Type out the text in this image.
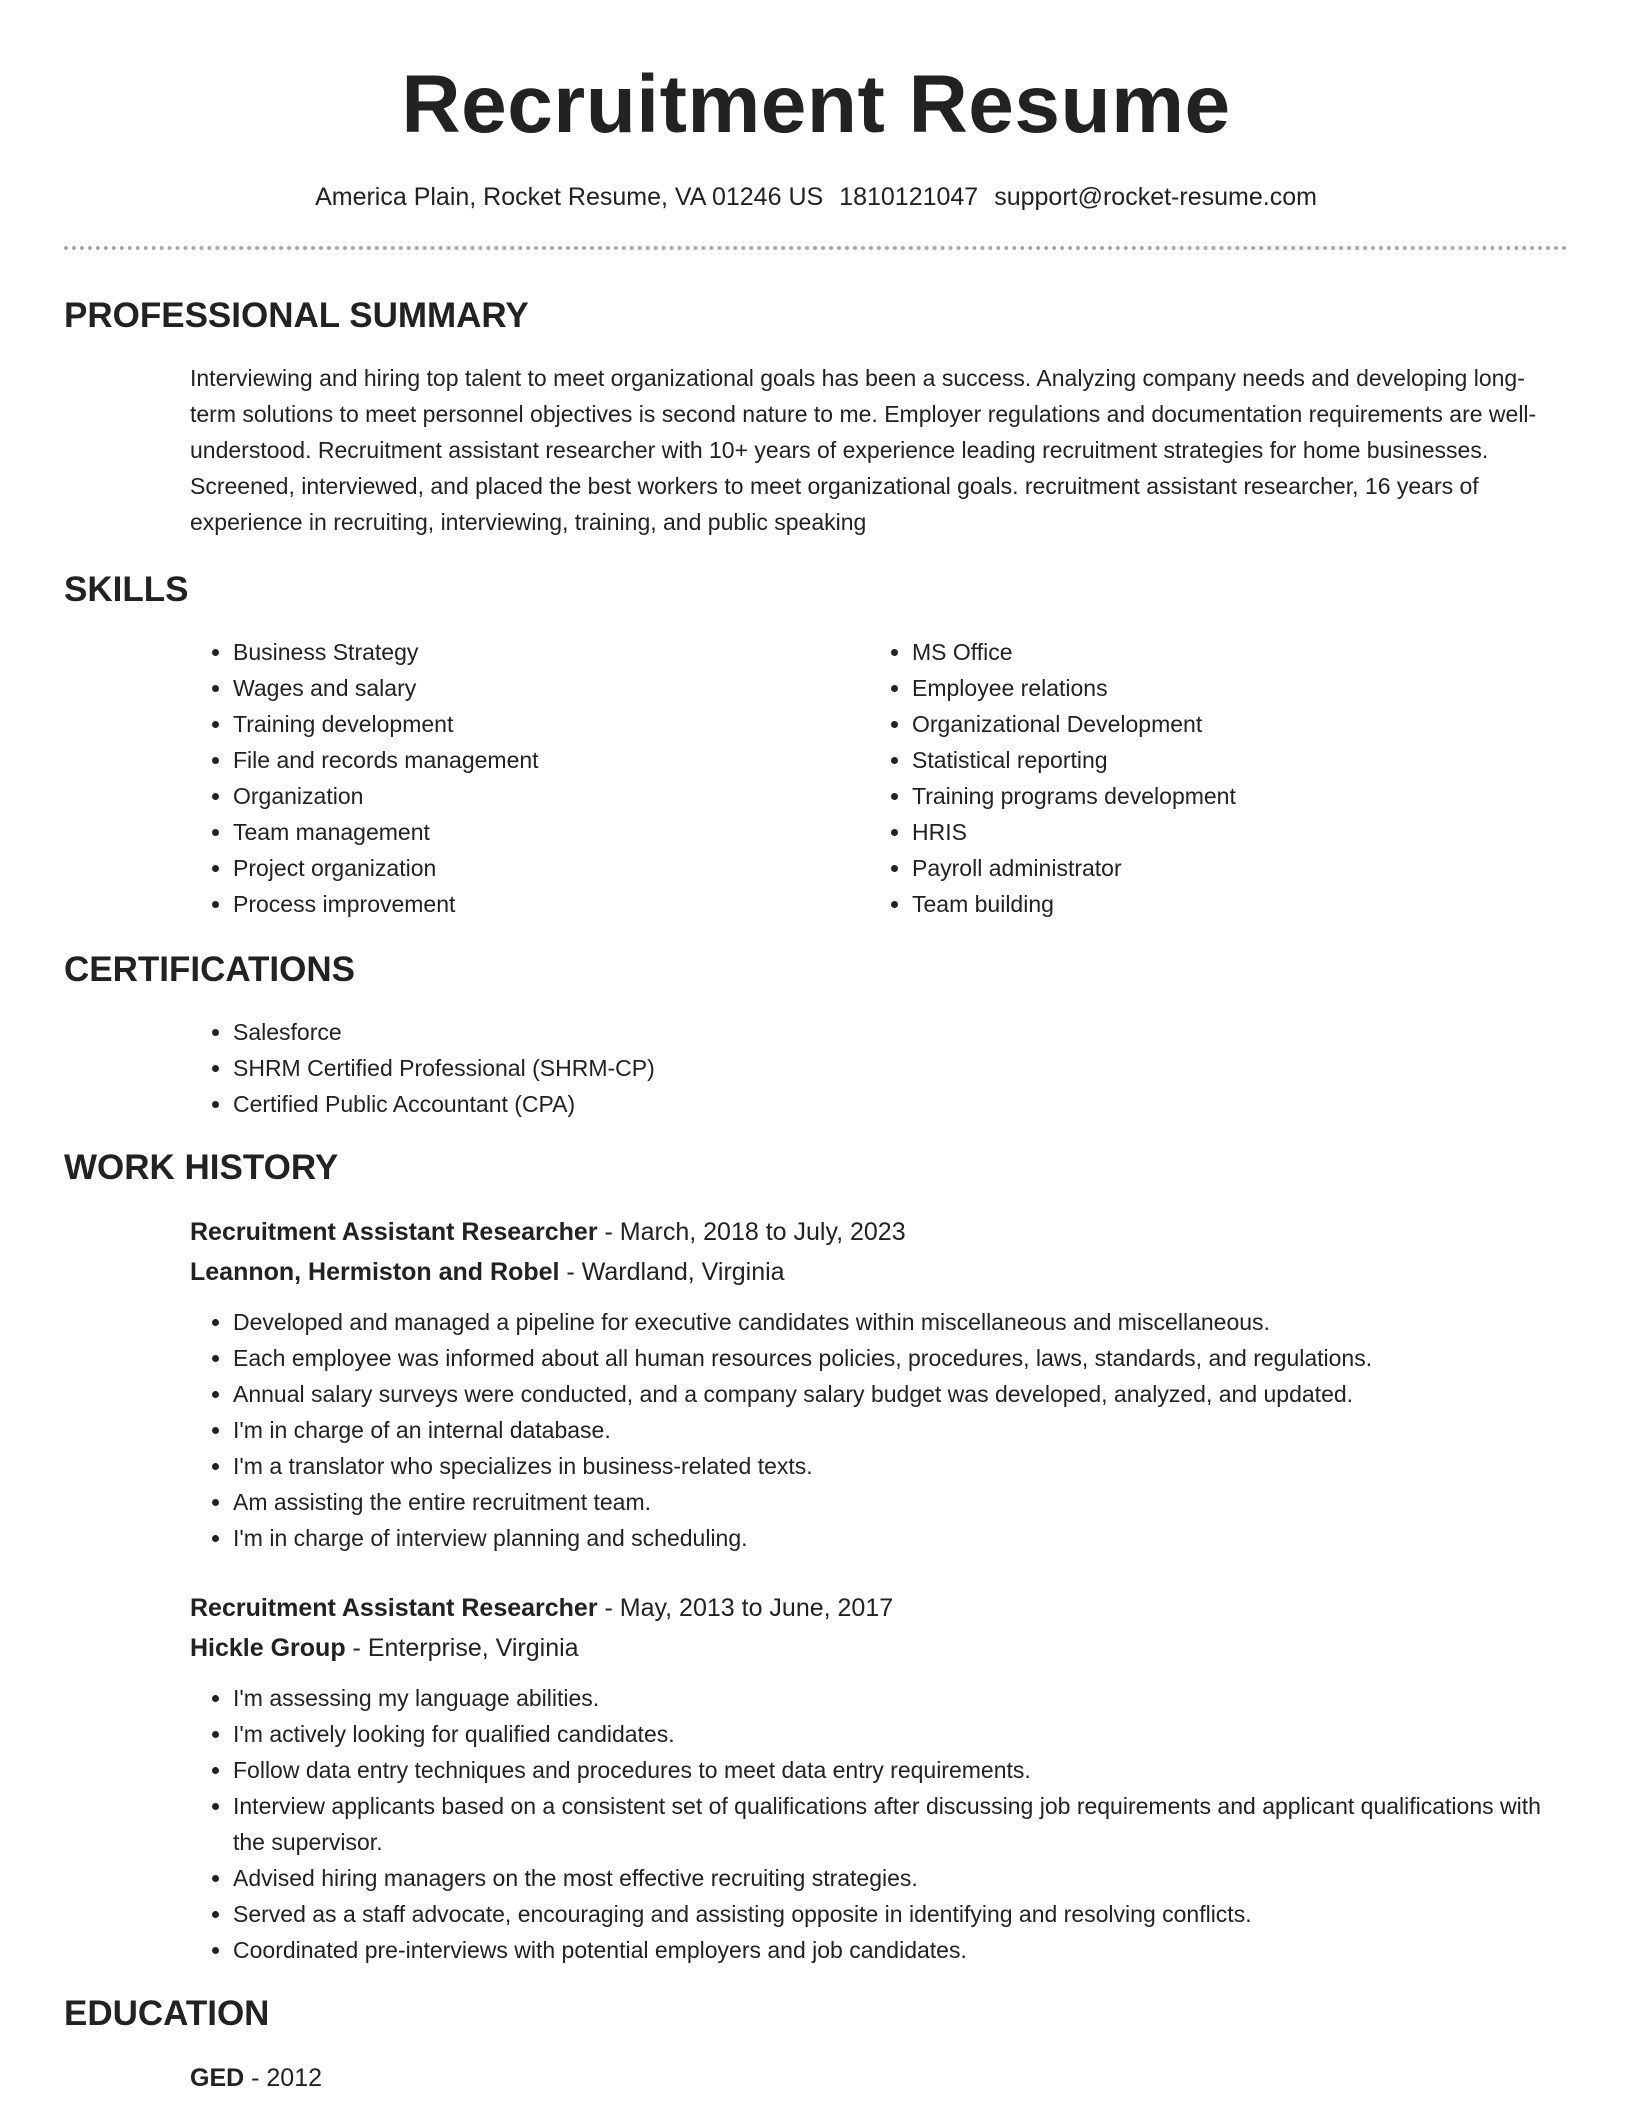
Recruitment Resume
America Plain, Rocket Resume, VA 01246 US 1810121047 support@rocket-resume.com
PROFESSIONAL SUMMARY

Interviewing and hiring top talent to meet organizational goals has been a success. Analyzing company needs and developing long-term solutions to meet personnel objectives is second nature to me. Employer regulations and documentation requirements are well-understood. Recruitment assistant researcher with 10+ years of experience leading recruitment strategies for home businesses. Screened, interviewed, and placed the best workers to meet organizational goals. recruitment assistant researcher, 16 years of experience in recruiting, interviewing, training, and public speaking

SKILLS
• Business Strategy
• Wages and salary
• Training development
• File and records management
• Organization
• Team management
• Project organization
• Process improvement
• MS Office
• Employee relations
• Organizational Development
• Statistical reporting
• Training programs development
• HRIS
• Payroll administrator
• Team building
CERTIFICATIONS
• Salesforce
• SHRM Certified Professional (SHRM-CP)
• Certified Public Accountant (CPA)
WORK HISTORY
Recruitment Assistant Researcher - March, 2018 to July, 2023
Leannon, Hermiston and Robel - Wardland, Virginia
• Developed and managed a pipeline for executive candidates within miscellaneous and miscellaneous.
• Each employee was informed about all human resources policies, procedures, laws, standards, and regulations.
• Annual salary surveys were conducted, and a company salary budget was developed, analyzed, and updated.
• I'm in charge of an internal database.
• I'm a translator who specializes in business-related texts.
• Am assisting the entire recruitment team.
• I'm in charge of interview planning and scheduling.
Recruitment Assistant Researcher - May, 2013 to June, 2017
Hickle Group - Enterprise, Virginia
• I'm assessing my language abilities.
• I'm actively looking for qualified candidates.
• Follow data entry techniques and procedures to meet data entry requirements.
• Interview applicants based on a consistent set of qualifications after discussing job requirements and applicant qualifications with the supervisor.
• Advised hiring managers on the most effective recruiting strategies.
• Served as a staff advocate, encouraging and assisting opposite in identifying and resolving conflicts.
• Coordinated pre-interviews with potential employers and job candidates.
EDUCATION
GED - 2012
